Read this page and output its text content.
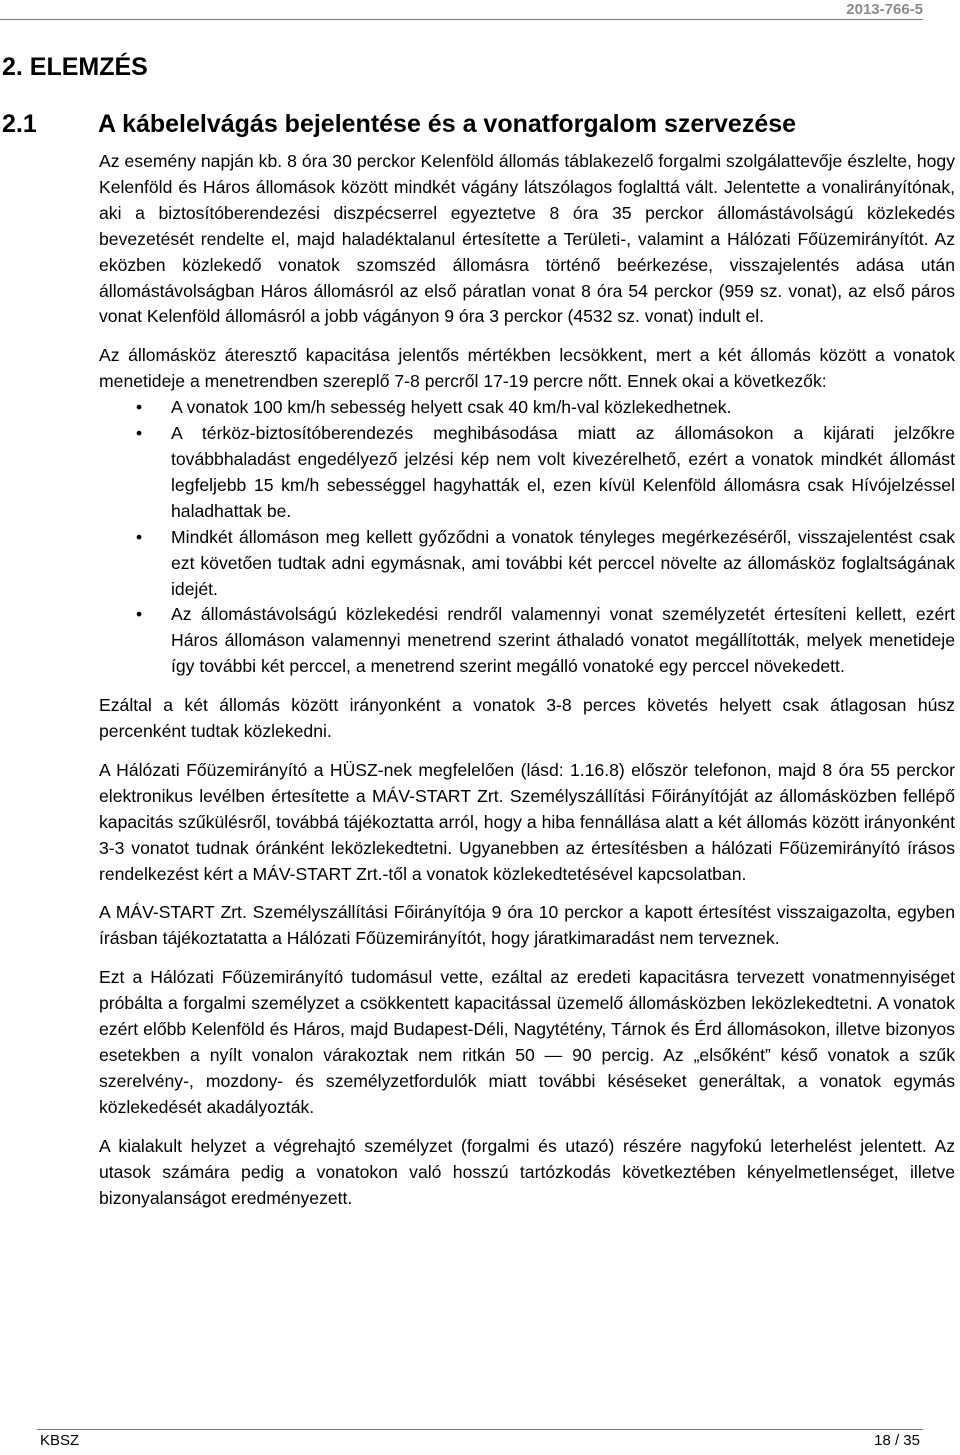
2013-766-5
2. ELEMZÉS
2.1 A kábelelvágás bejelentése és a vonatforgalom szervezése

Az esemény napján kb. 8 óra 30 perckor Kelenföld állomás táblakezelő forgalmi szolgálattevője észlelte, hogy Kelenföld és Háros állomások között mindkét vágány látszólagos foglalttá vált. Jelentette a vonalirányítónak, aki a biztosítóberendezési diszpécserrel egyeztetve 8 óra 35 perckor állomástávolságú közlekedés bevezetését rendelte el, majd haladéktalanul értesítette a Területi-, valamint a Hálózati Főüzemirányítót. Az eközben közlekedő vonatok szomszéd állomásra történő beérkezése, visszajelentés adása után állomástávolságban Háros állomásról az első páratlan vonat 8 óra 54 perckor (959 sz. vonat), az első páros vonat Kelenföld állomásról a jobb vágányon 9 óra 3 perckor (4532 sz. vonat) indult el.

Az állomásköz áteresztő kapacitása jelentős mértékben lecsökkent, mert a két állomás között a vonatok menetideje a menetrendben szereplő 7-8 percről 17-19 percre nőtt. Ennek okai a következők:

• A vonatok 100 km/h sebesség helyett csak 40 km/h-val közlekedhetnek.
• A térköz-biztosítóberendezés meghibásodása miatt az állomásokon a kijárati jelzőkre továbbhaladást engedélyező jelzési kép nem volt kivezérelhető, ezért a vonatok mindkét állomást legfeljebb 15 km/h sebességgel hagyhatták el, ezen kívül Kelenföld állomásra csak Hívójelzéssel haladhattak be.
• Mindkét állomáson meg kellett győződni a vonatok tényleges megérkezéséről, visszajelentést csak ezt követően tudtak adni egymásnak, ami további két perccel növelte az állomásköz foglaltságának idejét.
• Az állomástávolságú közlekedési rendről valamennyi vonat személyzetét értesíteni kellett, ezért Háros állomáson valamennyi menetrend szerint áthaladó vonatot megállították, melyek menetideje így további két perccel, a menetrend szerint megálló vonatoké egy perccel növekedett.

Ezáltal a két állomás között irányonként a vonatok 3-8 perces követés helyett csak átlagosan húsz percenként tudtak közlekedni.

A Hálózati Főüzemirányító a HÜSZ-nek megfelelően (lásd: 1.16.8) először telefonon, majd 8 óra 55 perckor elektronikus levélben értesítette a MÁV-START Zrt. Személyszállítási Főirányítóját az állomásközben fellépő kapacitás szűkülésről, továbbá tájékoztatta arról, hogy a hiba fennállása alatt a két állomás között irányonként 3-3 vonatot tudnak óránként leközlekedtetni. Ugyanebben az értesítésben a hálózati Főüzemirányító írásos rendelkezést kért a MÁV-START Zrt.-től a vonatok közlekedtetésével kapcsolatban.

A MÁV-START Zrt. Személyszállítási Főirányítója 9 óra 10 perckor a kapott értesítést visszaigazolta, egyben írásban tájékoztatatta a Hálózati Főüzemirányítót, hogy járatkimaradást nem terveznek.

Ezt a Hálózati Főüzemirányító tudomásul vette, ezáltal az eredeti kapacitásra tervezett vonatmennyiséget próbálta a forgalmi személyzet a csökkentett kapacitással üzemelő állomásközben leközlekedtetni. A vonatok ezért előbb Kelenföld és Háros, majd Budapest-Déli, Nagytétény, Tárnok és Érd állomásokon, illetve bizonyos esetekben a nyílt vonalon várakoztak nem ritkán 50 — 90 percig. Az „elsőként” késő vonatok a szűk szerelvény-, mozdony- és személyzetfordulók miatt további késéseket generáltak, a vonatok egymás közlekedését akadályozták.

A kialakult helyzet a végrehajtó személyzet (forgalmi és utazó) részére nagyfokú leterhelést jelentett. Az utasok számára pedig a vonatokon való hosszú tartózkodás következtében kényelmetlenséget, illetve bizonyalanságot eredményezett.

KBSZ	18 / 35
